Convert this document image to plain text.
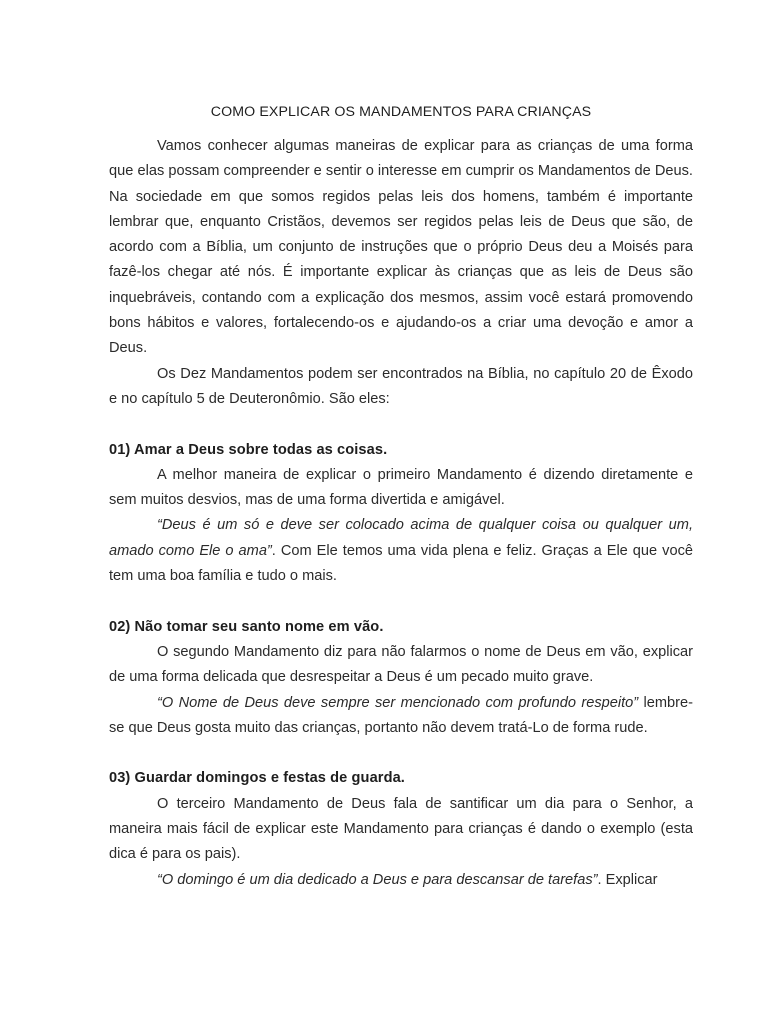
COMO EXPLICAR OS MANDAMENTOS PARA CRIANÇAS

Vamos conhecer algumas maneiras de explicar para as crianças de uma forma que elas possam compreender e sentir o interesse em cumprir os Mandamentos de Deus. Na sociedade em que somos regidos pelas leis dos homens, também é importante lembrar que, enquanto Cristãos, devemos ser regidos pelas leis de Deus que são, de acordo com a Bíblia, um conjunto de instruções que o próprio Deus deu a Moisés para fazê-los chegar até nós. É importante explicar às crianças que as leis de Deus são inquebráveis, contando com a explicação dos mesmos, assim você estará promovendo bons hábitos e valores, fortalecendo-os e ajudando-os a criar uma devoção e amor a Deus.

Os Dez Mandamentos podem ser encontrados na Bíblia, no capítulo 20 de Êxodo e no capítulo 5 de Deuteronômio. São eles:

01) Amar a Deus sobre todas as coisas.

A melhor maneira de explicar o primeiro Mandamento é dizendo diretamente e sem muitos desvios, mas de uma forma divertida e amigável.

“Deus é um só e deve ser colocado acima de qualquer coisa ou qualquer um, amado como Ele o ama”. Com Ele temos uma vida plena e feliz. Graças a Ele que você tem uma boa família e tudo o mais.

02) Não tomar seu santo nome em vão.

O segundo Mandamento diz para não falarmos o nome de Deus em vão, explicar de uma forma delicada que desrespeitar a Deus é um pecado muito grave.

“O Nome de Deus deve sempre ser mencionado com profundo respeito” lembre-se que Deus gosta muito das crianças, portanto não devem tratá-Lo de forma rude.

03) Guardar domingos e festas de guarda.

O terceiro Mandamento de Deus fala de santificar um dia para o Senhor, a maneira mais fácil de explicar este Mandamento para crianças é dando o exemplo (esta dica é para os pais).

“O domingo é um dia dedicado a Deus e para descansar de tarefas”. Explicar
